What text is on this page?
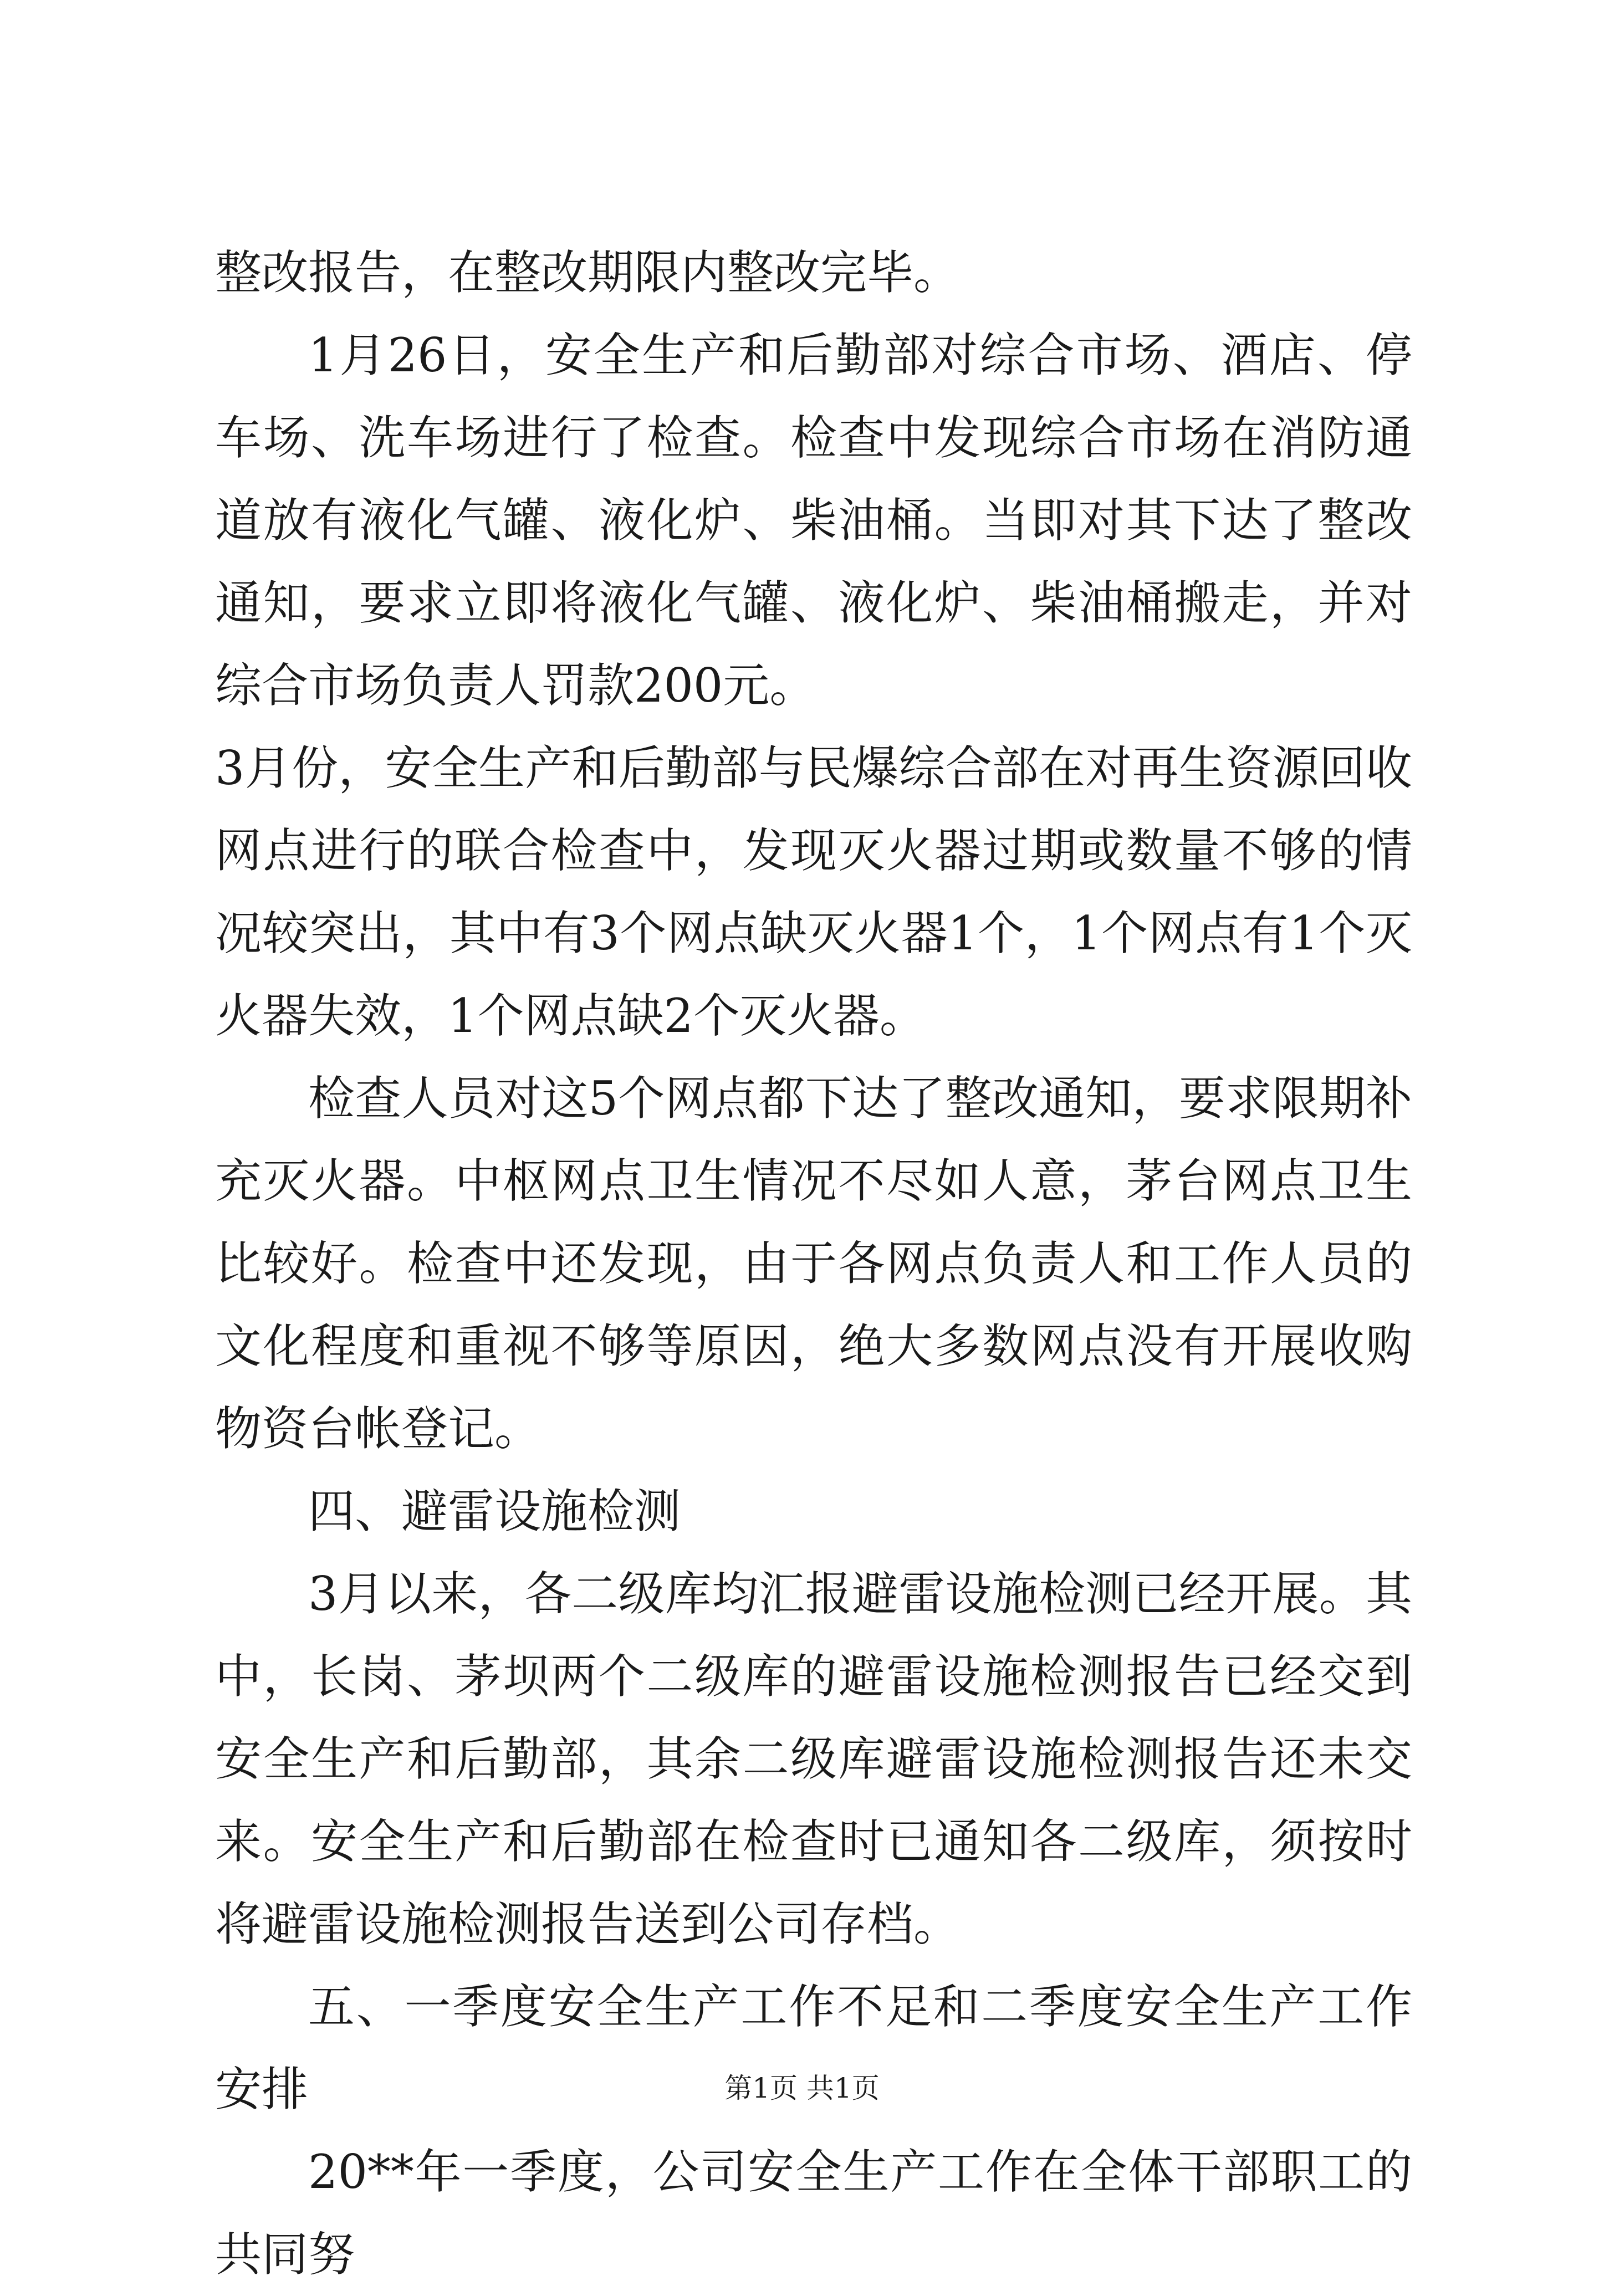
整改报告，在整改期限内整改完毕。

1月26日，安全生产和后勤部对综合市场、酒店、停车场、洗车场进行了检查。检查中发现综合市场在消防通道放有液化气罐、液化炉、柴油桶。当即对其下达了整改通知，要求立即将液化气罐、液化炉、柴油桶搬走，并对综合市场负责人罚款200元。

3月份，安全生产和后勤部与民爆综合部在对再生资源回收网点进行的联合检查中，发现灭火器过期或数量不够的情况较突出，其中有3个网点缺灭火器1个，1个网点有1个灭火器失效，1个网点缺2个灭火器。

检查人员对这5个网点都下达了整改通知，要求限期补充灭火器。中枢网点卫生情况不尽如人意，茅台网点卫生比较好。检查中还发现，由于各网点负责人和工作人员的文化程度和重视不够等原因，绝大多数网点没有开展收购物资台帐登记。

四、避雷设施检测

3月以来，各二级库均汇报避雷设施检测已经开展。其中，长岗、茅坝两个二级库的避雷设施检测报告已经交到安全生产和后勤部，其余二级库避雷设施检测报告还未交来。安全生产和后勤部在检查时已通知各二级库，须按时将避雷设施检测报告送到公司存档。

五、一季度安全生产工作不足和二季度安全生产工作安排

20**年一季度，公司安全生产工作在全体干部职工的共同努

第1页 共1页
